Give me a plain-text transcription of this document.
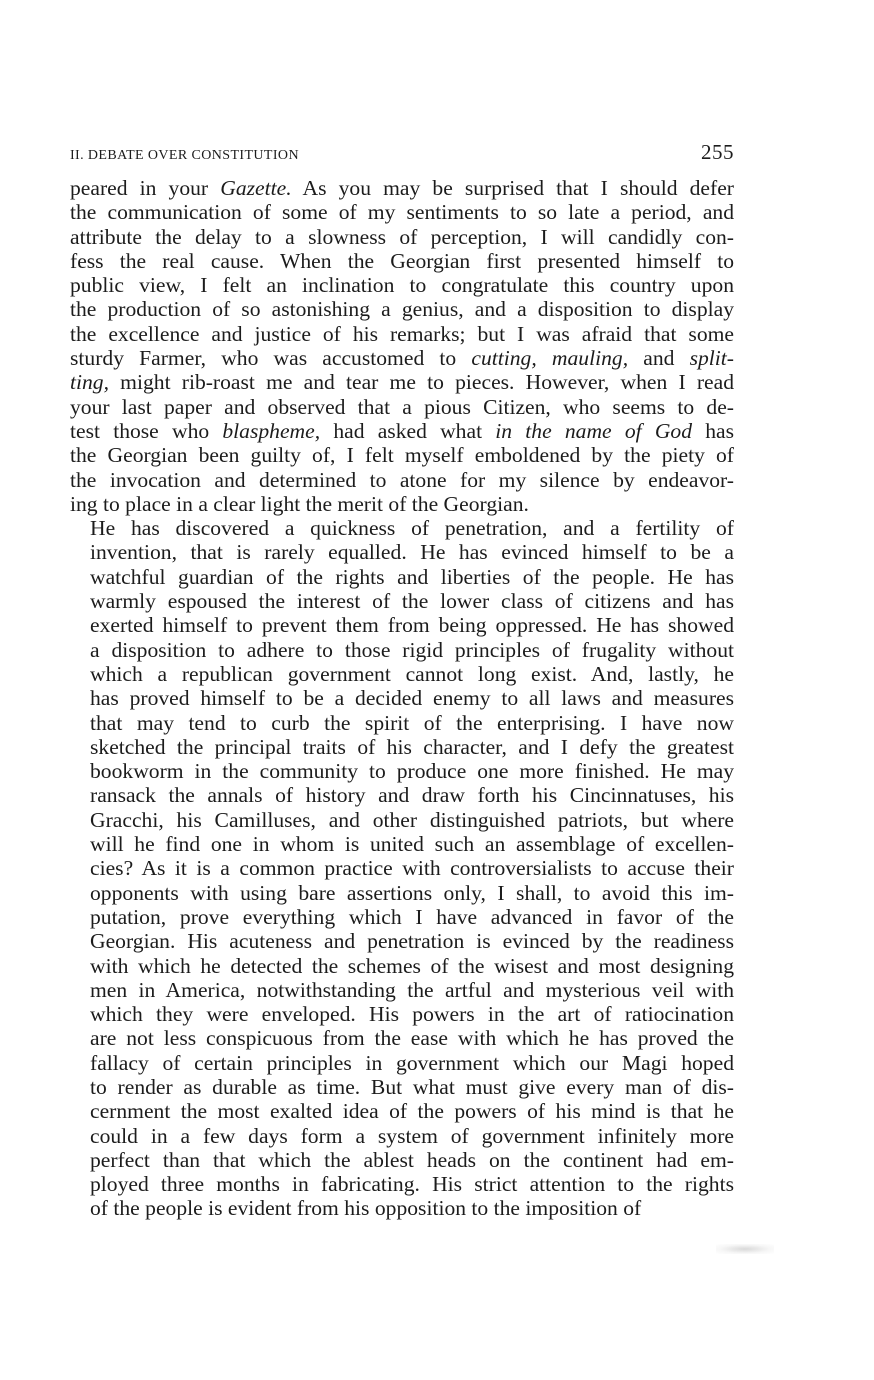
II. DEBATE OVER CONSTITUTION	255

peared in your Gazette. As you may be surprised that I should defer
the communication of some of my sentiments to so late a period, and
attribute the delay to a slowness of perception, I will candidly con-
fess the real cause. When the Georgian first presented himself to
public view, I felt an inclination to congratulate this country upon
the production of so astonishing a genius, and a disposition to display
the excellence and justice of his remarks; but I was afraid that some
sturdy Farmer, who was accustomed to cutting, mauling, and split-
ting, might rib-roast me and tear me to pieces. However, when I read
your last paper and observed that a pious Citizen, who seems to de-
test those who blaspheme, had asked what in the name of God has
the Georgian been guilty of, I felt myself emboldened by the piety of
the invocation and determined to atone for my silence by endeavor-
ing to place in a clear light the merit of the Georgian.

He has discovered a quickness of penetration, and a fertility of
invention, that is rarely equalled. He has evinced himself to be a
watchful guardian of the rights and liberties of the people. He has
warmly espoused the interest of the lower class of citizens and has
exerted himself to prevent them from being oppressed. He has showed
a disposition to adhere to those rigid principles of frugality without
which a republican government cannot long exist. And, lastly, he
has proved himself to be a decided enemy to all laws and measures
that may tend to curb the spirit of the enterprising. I have now
sketched the principal traits of his character, and I defy the greatest
bookworm in the community to produce one more finished. He may
ransack the annals of history and draw forth his Cincinnatuses, his
Gracchi, his Camilluses, and other distinguished patriots, but where
will he find one in whom is united such an assemblage of excellen-
cies? As it is a common practice with controversialists to accuse their
opponents with using bare assertions only, I shall, to avoid this im-
putation, prove everything which I have advanced in favor of the
Georgian. His acuteness and penetration is evinced by the readiness
with which he detected the schemes of the wisest and most designing
men in America, notwithstanding the artful and mysterious veil with
which they were enveloped. His powers in the art of ratiocination
are not less conspicuous from the ease with which he has proved the
fallacy of certain principles in government which our Magi hoped
to render as durable as time. But what must give every man of dis-
cernment the most exalted idea of the powers of his mind is that he
could in a few days form a system of government infinitely more
perfect than that which the ablest heads on the continent had em-
ployed three months in fabricating. His strict attention to the rights
of the people is evident from his opposition to the imposition of
